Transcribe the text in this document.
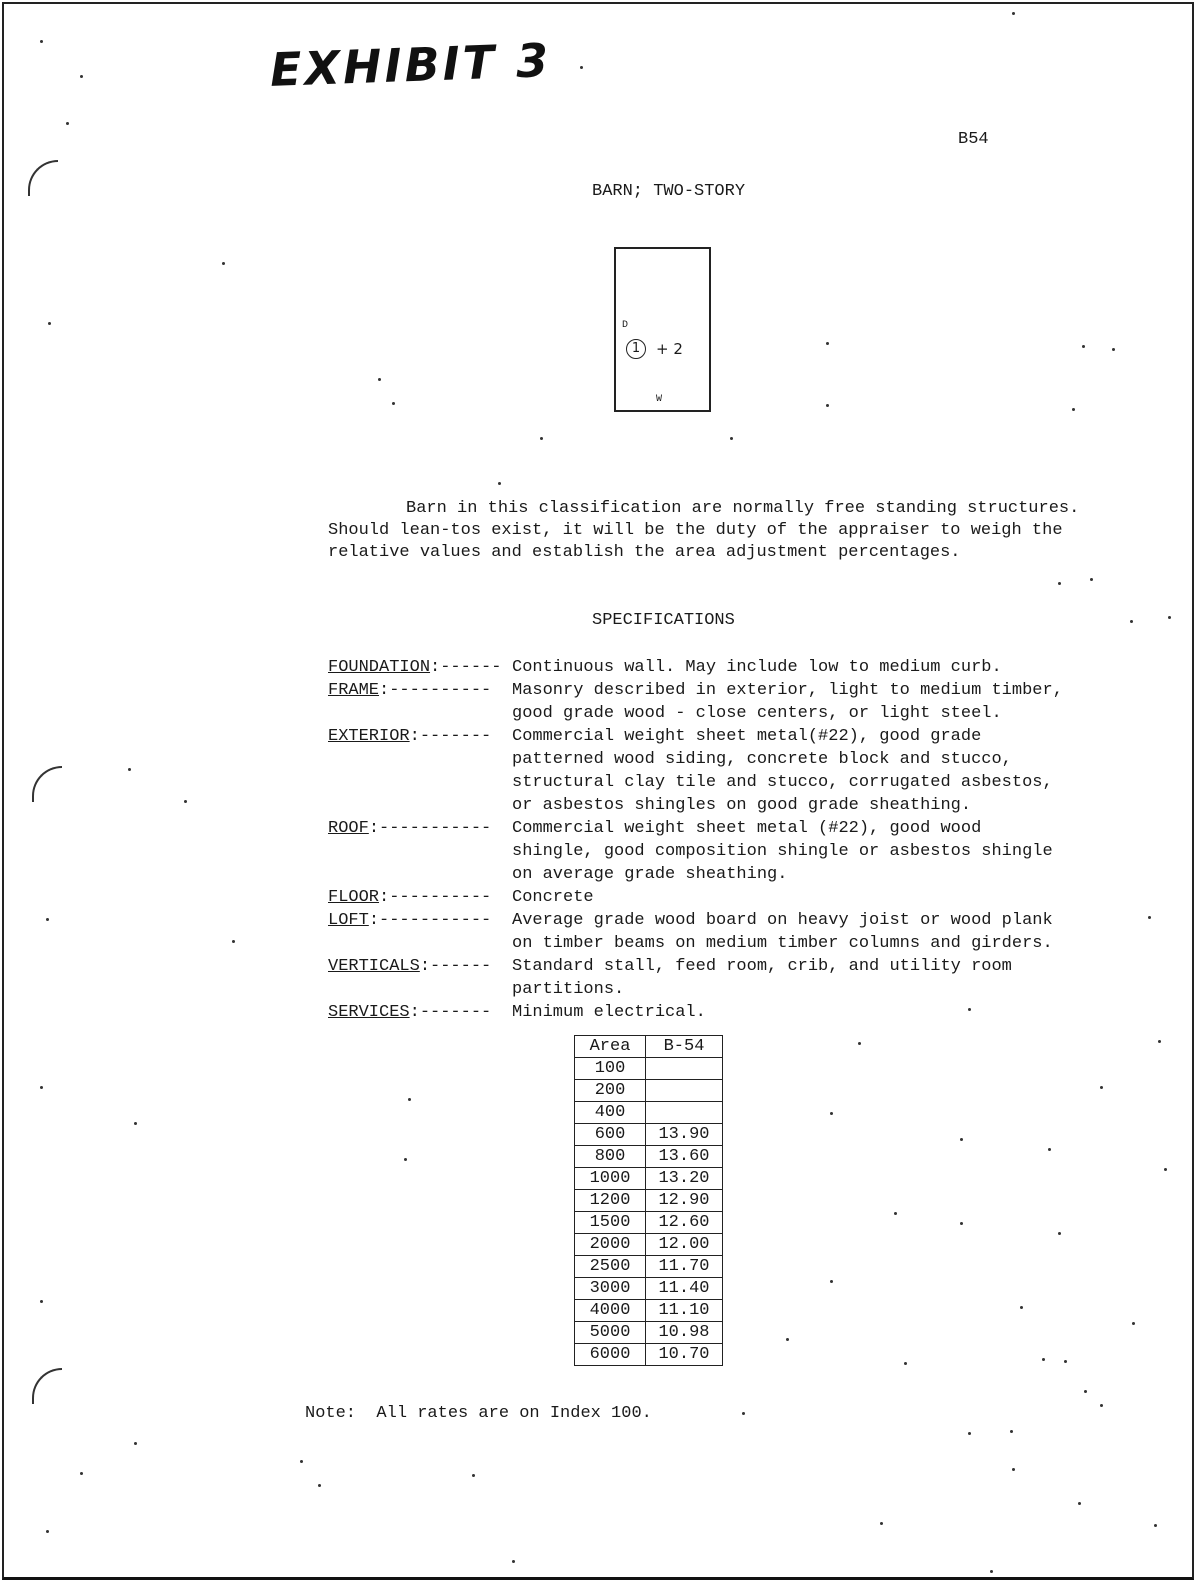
EXHIBIT 3
B54
BARN; TWO-STORY
D
1	+ 2
W

Barn in this classification are normally free standing structures. Should lean-tos exist, it will be the duty of the appraiser to weigh the relative values and establish the area adjustment percentages.

SPECIFICATIONS
FOUNDATION:------ Continuous wall. May include low to medium curb.
FRAME:----------	Masonry described in exterior, light to medium timber,
good grade wood - close centers, or light steel.
EXTERIOR:-------	Commercial weight sheet metal(#22), good grade
patterned wood siding, concrete block and stucco,
structural clay tile and stucco, corrugated asbestos,
or asbestos shingles on good grade sheathing.
ROOF:-----------	Commercial weight sheet metal (#22), good wood
shingle, good composition shingle or asbestos shingle
on average grade sheathing.
FLOOR:----------	Concrete
LOFT:-----------	Average grade wood board on heavy joist or wood plank
on timber beams on medium timber columns and girders.
VERTICALS:------	Standard stall, feed room, crib, and utility room
partitions.
SERVICES:-------	Minimum electrical.
Area	B-54
100	
200	
400	
600	13.90
800	13.60
1000	13.20
1200	12.90
1500	12.60
2000	12.00
2500	11.70
3000	11.40
4000	11.10
5000	10.98
6000	10.70
Note:  All rates are on Index 100.
